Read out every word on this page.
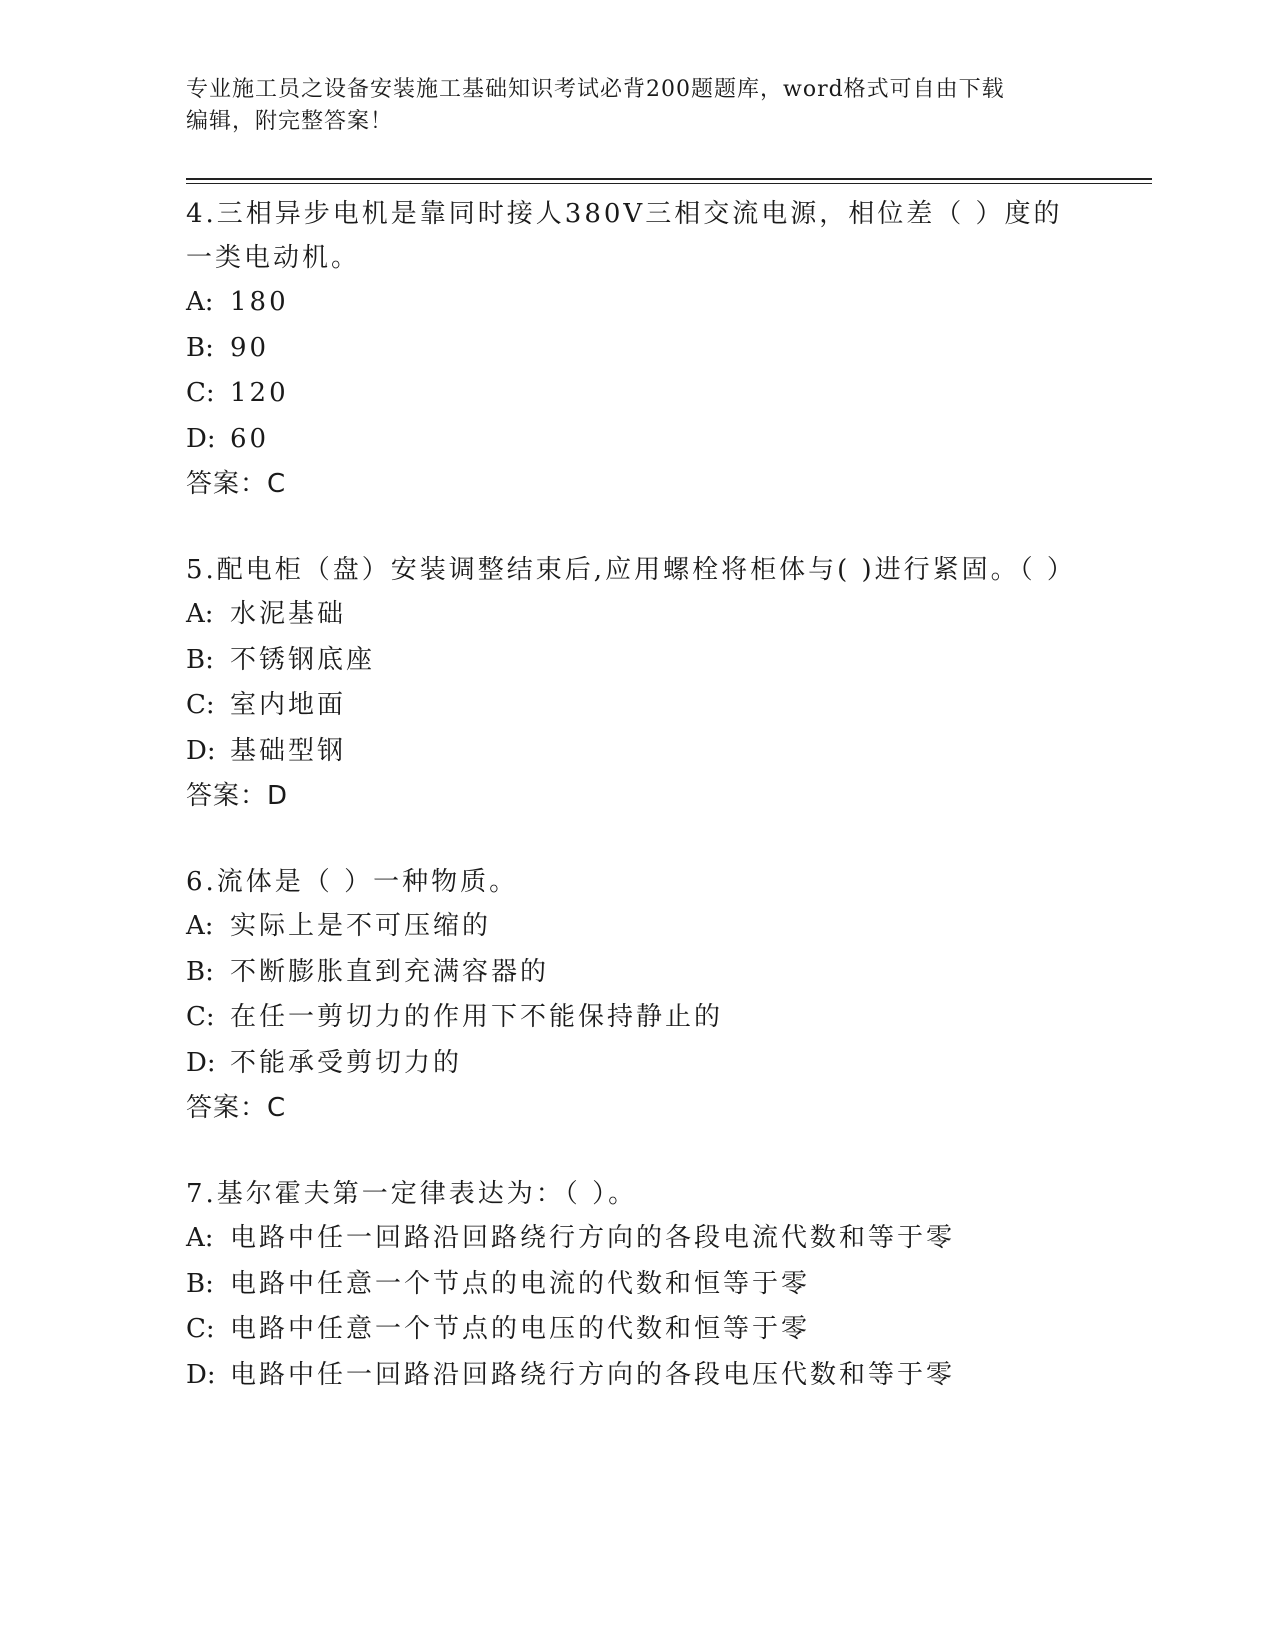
专业施工员之设备安装施工基础知识考试必背200题题库，word格式可自由下载
编辑，附完整答案！
4.三相异步电机是靠同时接人380V三相交流电源，相位差（ ）度的一类电动机。
A: 180
B: 90
C: 120
D: 60
答案：C
5.配电柜（盘）安装调整结束后,应用螺栓将柜体与( )进行紧固。（ ）
A: 水泥基础
B: 不锈钢底座
C: 室内地面
D: 基础型钢
答案：D
6.流体是（ ）一种物质。
A: 实际上是不可压缩的
B: 不断膨胀直到充满容器的
C: 在任一剪切力的作用下不能保持静止的
D: 不能承受剪切力的
答案：C
7.基尔霍夫第一定律表达为：（ ）。
A: 电路中任一回路沿回路绕行方向的各段电流代数和等于零
B: 电路中任意一个节点的电流的代数和恒等于零
C: 电路中任意一个节点的电压的代数和恒等于零
D: 电路中任一回路沿回路绕行方向的各段电压代数和等于零
